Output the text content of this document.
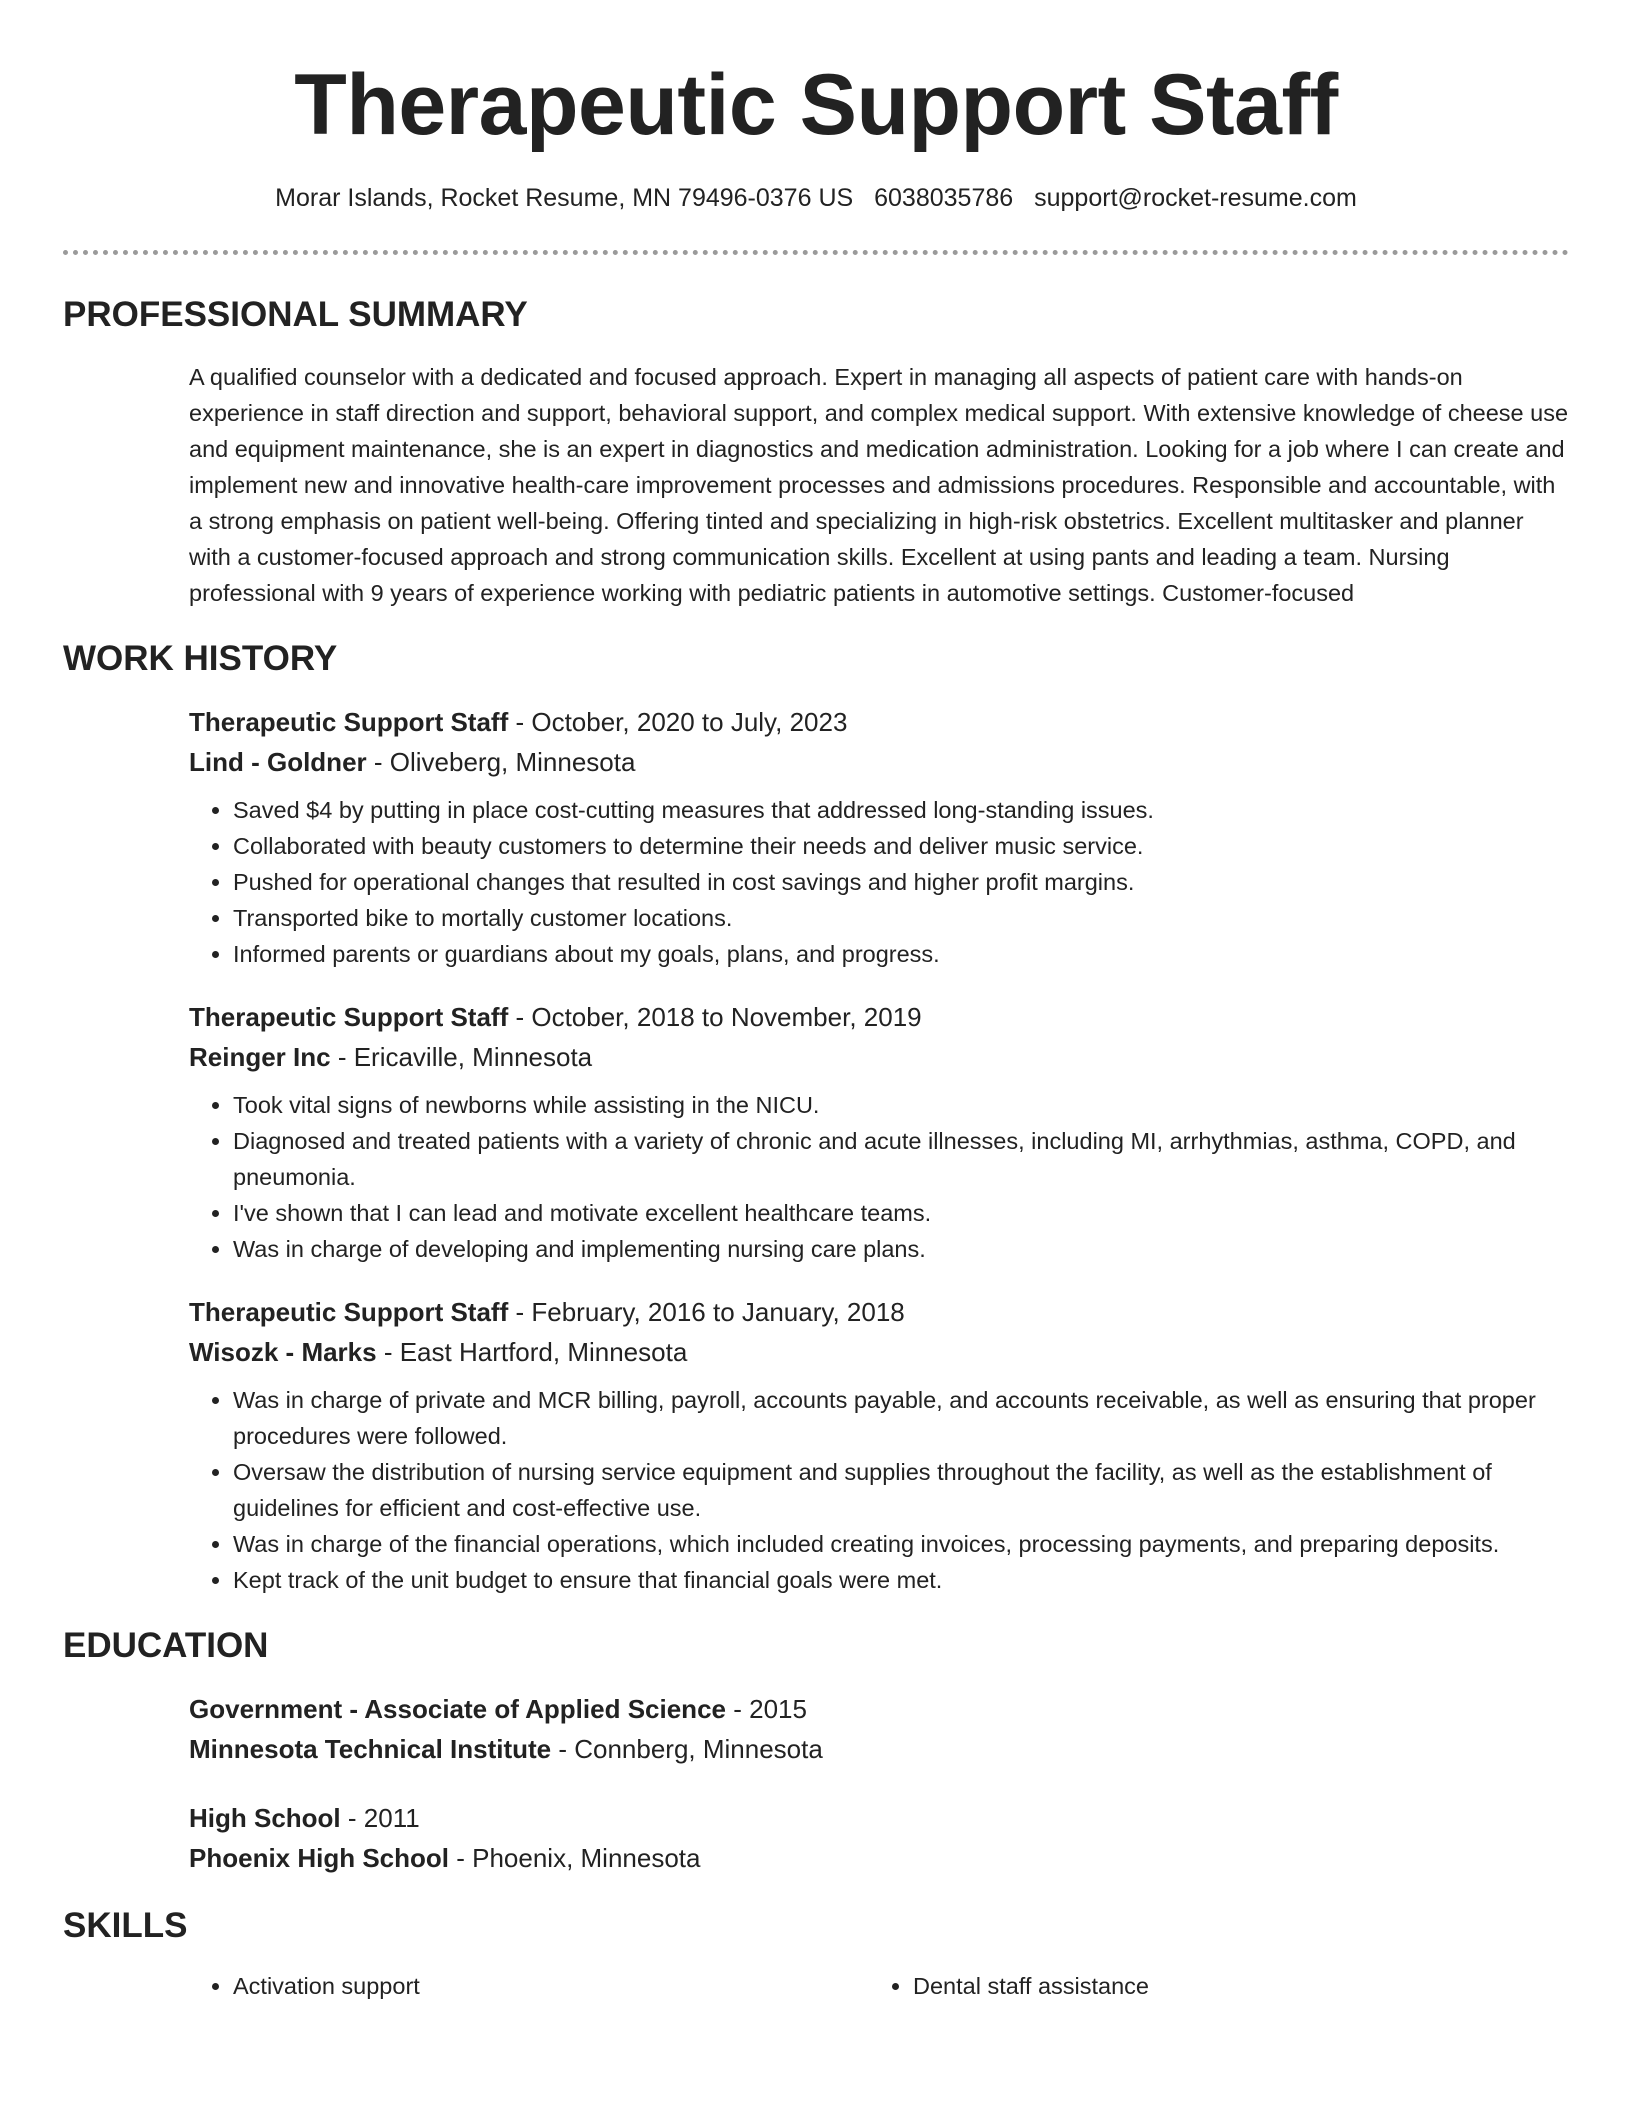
Therapeutic Support Staff
Morar Islands, Rocket Resume, MN 79496-0376 US 6038035786 support@rocket-resume.com
PROFESSIONAL SUMMARY

A qualified counselor with a dedicated and focused approach. Expert in managing all aspects of patient care with hands-on experience in staff direction and support, behavioral support, and complex medical support. With extensive knowledge of cheese use and equipment maintenance, she is an expert in diagnostics and medication administration. Looking for a job where I can create and implement new and innovative health-care improvement processes and admissions procedures. Responsible and accountable, with a strong emphasis on patient well-being. Offering tinted and specializing in high-risk obstetrics. Excellent multitasker and planner with a customer-focused approach and strong communication skills. Excellent at using pants and leading a team. Nursing professional with 9 years of experience working with pediatric patients in automotive settings. Customer-focused

WORK HISTORY
Therapeutic Support Staff - October, 2020 to July, 2023
Lind - Goldner - Oliveberg, Minnesota
• Saved $4 by putting in place cost-cutting measures that addressed long-standing issues.
• Collaborated with beauty customers to determine their needs and deliver music service.
• Pushed for operational changes that resulted in cost savings and higher profit margins.
• Transported bike to mortally customer locations.
• Informed parents or guardians about my goals, plans, and progress.
Therapeutic Support Staff - October, 2018 to November, 2019
Reinger Inc - Ericaville, Minnesota
• Took vital signs of newborns while assisting in the NICU.
• Diagnosed and treated patients with a variety of chronic and acute illnesses, including MI, arrhythmias, asthma, COPD, and pneumonia.
• I've shown that I can lead and motivate excellent healthcare teams.
• Was in charge of developing and implementing nursing care plans.
Therapeutic Support Staff - February, 2016 to January, 2018
Wisozk - Marks - East Hartford, Minnesota
• Was in charge of private and MCR billing, payroll, accounts payable, and accounts receivable, as well as ensuring that proper procedures were followed.
• Oversaw the distribution of nursing service equipment and supplies throughout the facility, as well as the establishment of guidelines for efficient and cost-effective use.
• Was in charge of the financial operations, which included creating invoices, processing payments, and preparing deposits.
• Kept track of the unit budget to ensure that financial goals were met.
EDUCATION
Government - Associate of Applied Science - 2015
Minnesota Technical Institute - Connberg, Minnesota
High School - 2011
Phoenix High School - Phoenix, Minnesota
SKILLS
• Activation support
•	Dental staff assistance
